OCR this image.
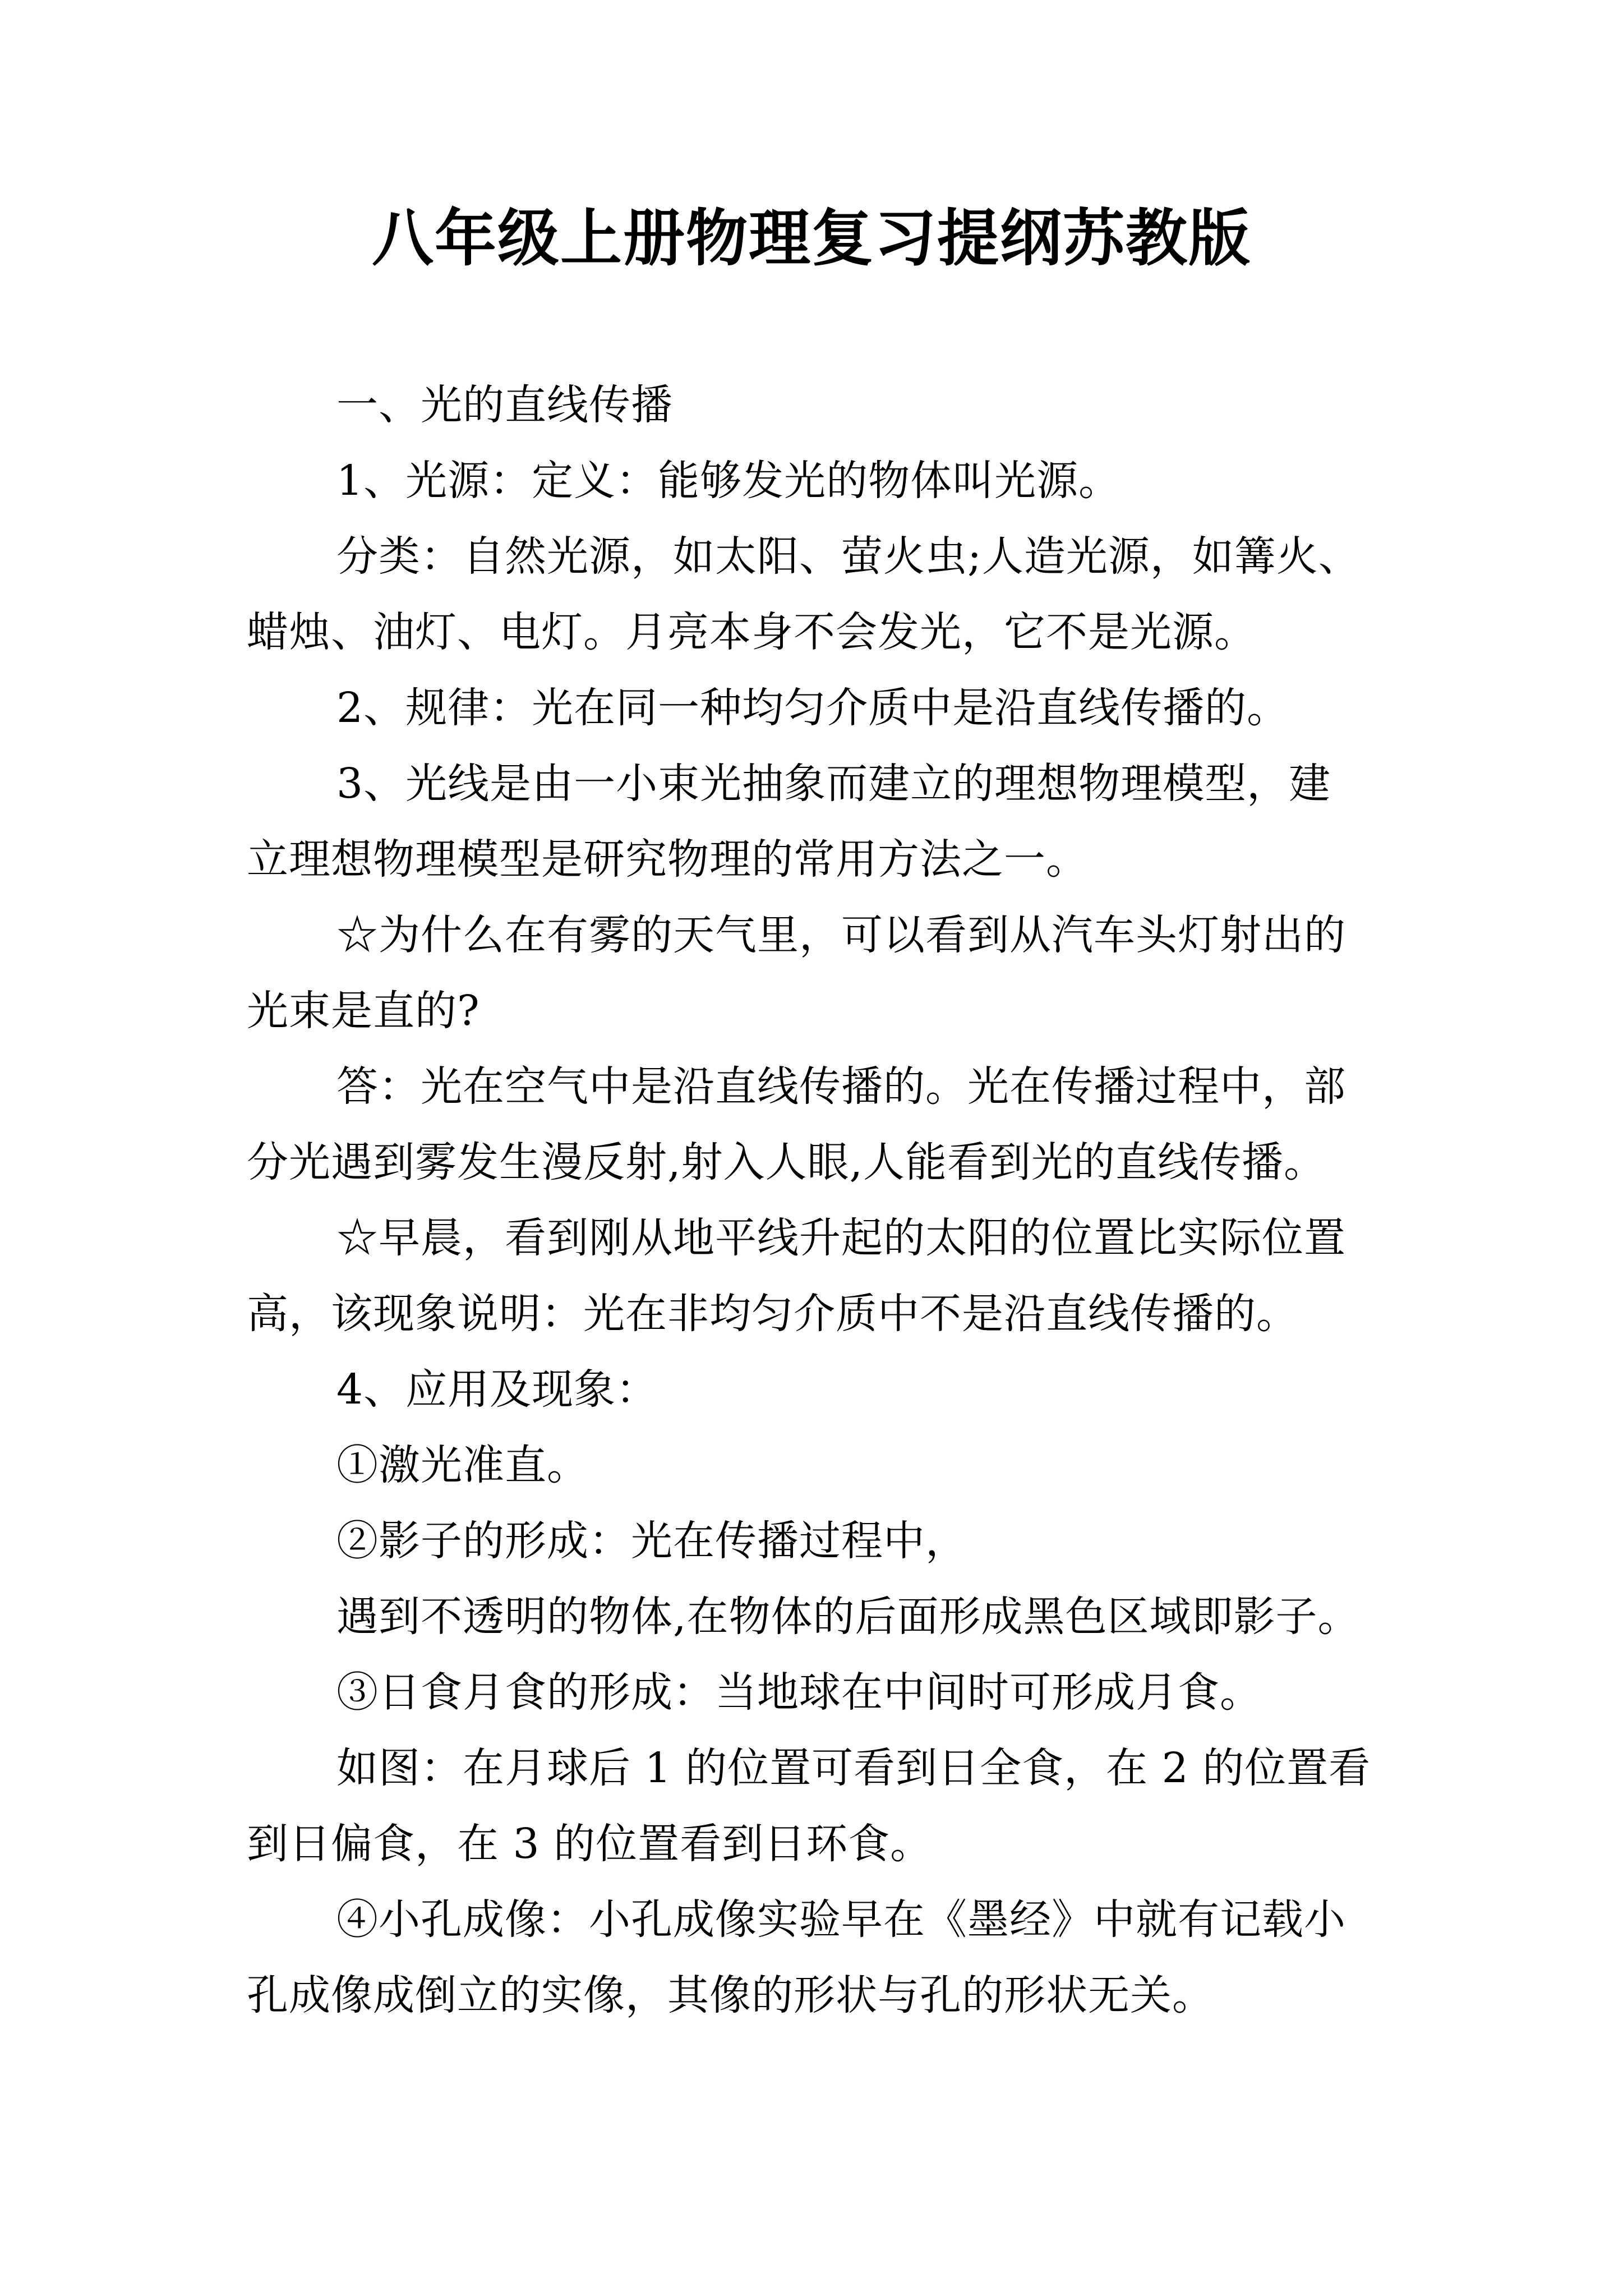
八年级上册物理复习提纲苏教版

一、光的直线传播

1、光源：定义：能够发光的物体叫光源。

分类：自然光源，如太阳、萤火虫;人造光源，如篝火、

蜡烛、油灯、电灯。月亮本身不会发光，它不是光源。

2、规律：光在同一种均匀介质中是沿直线传播的。

3、光线是由一小束光抽象而建立的理想物理模型，建

立理想物理模型是研究物理的常用方法之一。

☆为什么在有雾的天气里，可以看到从汽车头灯射出的

光束是直的?

答：光在空气中是沿直线传播的。光在传播过程中，部

分光遇到雾发生漫反射,射入人眼,人能看到光的直线传播。

☆早晨，看到刚从地平线升起的太阳的位置比实际位置

高，该现象说明：光在非均匀介质中不是沿直线传播的。

4、应用及现象：

①激光准直。

②影子的形成：光在传播过程中，

遇到不透明的物体,在物体的后面形成黑色区域即影子。

③日食月食的形成：当地球在中间时可形成月食。

如图：在月球后 1 的位置可看到日全食，在 2 的位置看

到日偏食，在 3 的位置看到日环食。

④小孔成像：小孔成像实验早在《墨经》中就有记载小

孔成像成倒立的实像，其像的形状与孔的形状无关。
